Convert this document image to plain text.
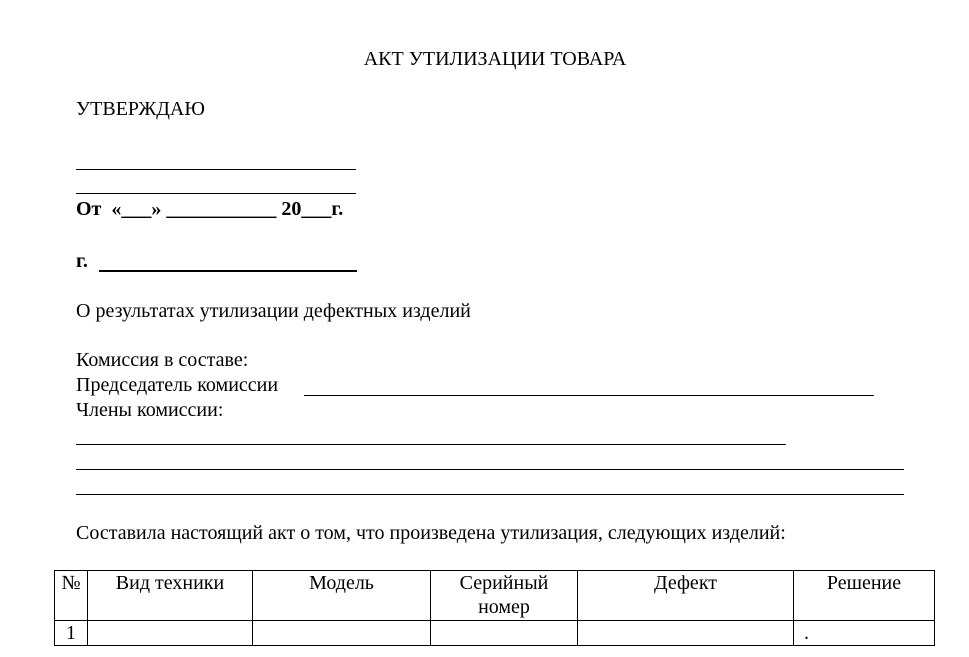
АКТ УТИЛИЗАЦИИ ТОВАРА
УТВЕРЖДАЮ
От  «___» ___________ 20___г.
г.
О результатах утилизации дефектных изделий
Комиссия в составе:
Председатель комиссии
Члены комиссии:
Составила настоящий акт о том, что произведена утилизация, следующих изделий:
№	Вид техники	Модель	Серийный номер	Дефект	Решение
1					.
